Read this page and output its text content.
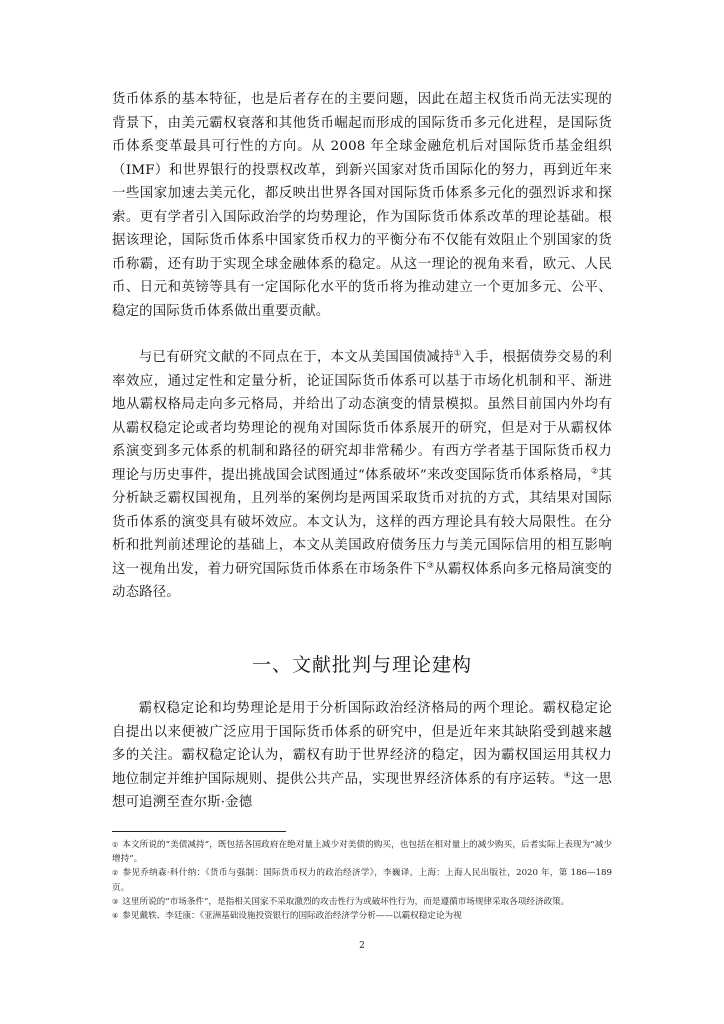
货币体系的基本特征，也是后者存在的主要问题，因此在超主权货币尚无法实现的背景下，由美元霸权衰落和其他货币崛起而形成的国际货币多元化进程，是国际货币体系变革最具可行性的方向。从 2008 年全球金融危机后对国际货币基金组织（IMF）和世界银行的投票权改革，到新兴国家对货币国际化的努力，再到近年来一些国家加速去美元化，都反映出世界各国对国际货币体系多元化的强烈诉求和探索。更有学者引入国际政治学的均势理论，作为国际货币体系改革的理论基础。根据该理论，国际货币体系中国家货币权力的平衡分布不仅能有效阻止个别国家的货币称霸，还有助于实现全球金融体系的稳定。从这一理论的视角来看，欧元、人民币、日元和英镑等具有一定国际化水平的货币将为推动建立一个更加多元、公平、稳定的国际货币体系做出重要贡献。
与已有研究文献的不同点在于，本文从美国国债减持①入手，根据债券交易的利率效应，通过定性和定量分析，论证国际货币体系可以基于市场化机制和平、渐进地从霸权格局走向多元格局，并给出了动态演变的情景模拟。虽然目前国内外均有从霸权稳定论或者均势理论的视角对国际货币体系展开的研究，但是对于从霸权体系演变到多元体系的机制和路径的研究却非常稀少。有西方学者基于国际货币权力理论与历史事件，提出挑战国会试图通过“体系破坏”来改变国际货币体系格局，②其分析缺乏霸权国视角，且列举的案例均是两国采取货币对抗的方式，其结果对国际货币体系的演变具有破坏效应。本文认为，这样的西方理论具有较大局限性。在分析和批判前述理论的基础上，本文从美国政府债务压力与美元国际信用的相互影响这一视角出发，着力研究国际货币体系在市场条件下③从霸权体系向多元格局演变的动态路径。
一、文献批判与理论建构
霸权稳定论和均势理论是用于分析国际政治经济格局的两个理论。霸权稳定论自提出以来便被广泛应用于国际货币体系的研究中，但是近年来其缺陷受到越来越多的关注。霸权稳定论认为，霸权有助于世界经济的稳定，因为霸权国运用其权力地位制定并维护国际规则、提供公共产品，实现世界经济体系的有序运转。④这一思想可追溯至查尔斯·金德

① 本文所说的“美债减持”，既包括各国政府在绝对量上减少对美债的购买，也包括在相对量上的减少购买，后者实际上表现为“减少增持”。

② 参见乔纳森·科什纳：《货币与强制：国际货币权力的政治经济学》，李巍译，上海：上海人民出版社，2020 年，第 186—189 页。

③ 这里所说的“市场条件”，是指相关国家不采取激烈的攻击性行为或破坏性行为，而是遵循市场规律采取各项经济政策。

④ 参见戴轶、李廷康：《亚洲基础设施投资银行的国际政治经济学分析——以霸权稳定论为视

2
